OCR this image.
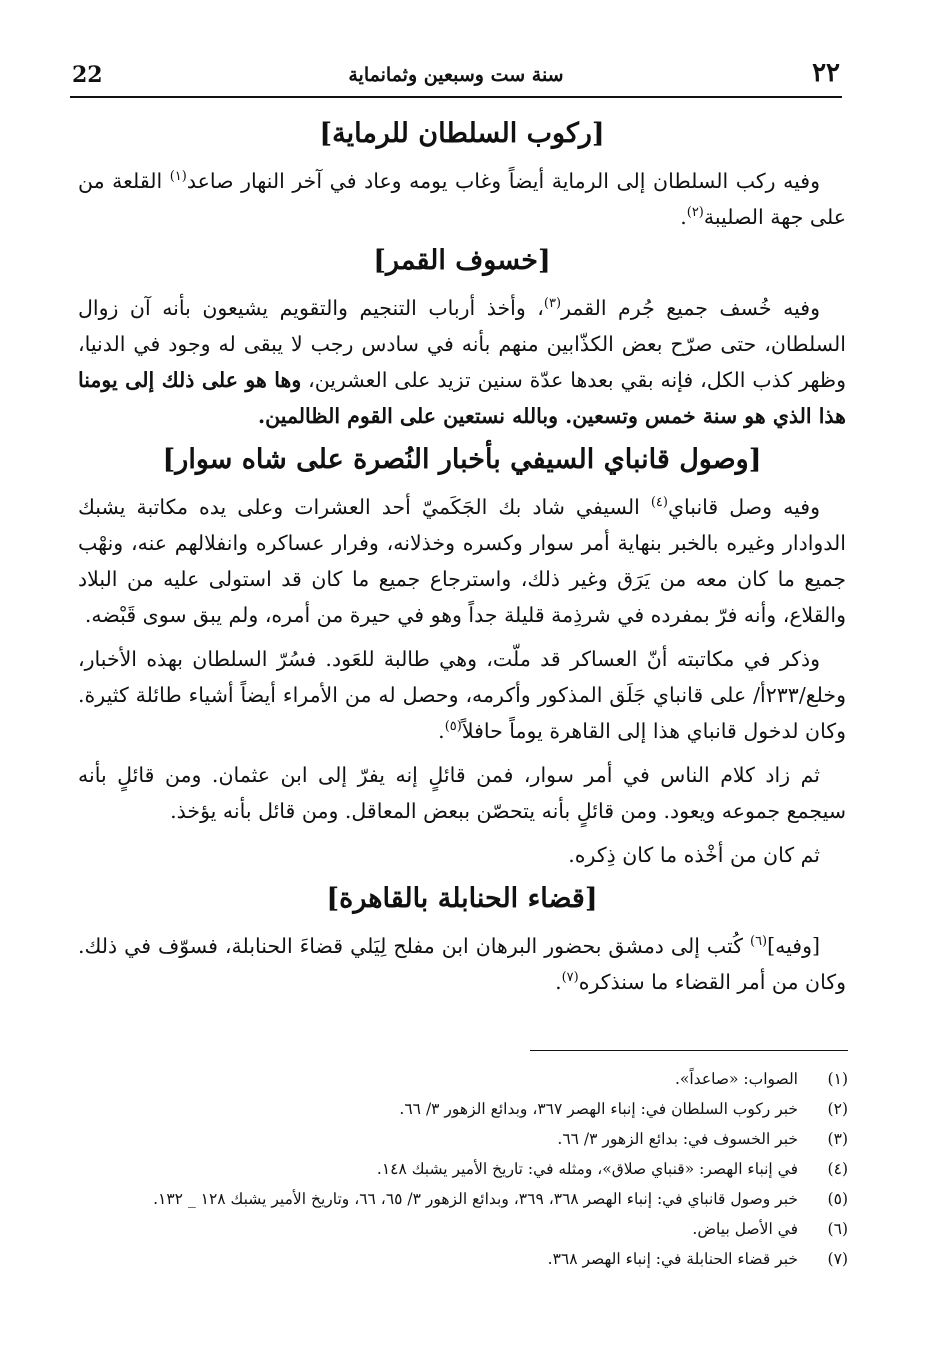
22	سنة ست وسبعين وثمانماية	٢٢
[ركوب السلطان للرماية]

وفيه ركب السلطان إلى الرماية أيضاً وغاب يومه وعاد في آخر النهار صاعد$^{(١)}$ القلعة من على جهة الصليبة$^{(٢)}$.

[خسوف القمر]

وفيه خُسف جميع جُرم القمر$^{(٣)}$، وأخذ أرباب التنجيم والتقويم يشيعون بأنه آن زوال السلطان، حتى صرّح بعض الكذّابين منهم بأنه في سادس رجب لا يبقى له وجود في الدنيا، وظهر كذب الكل، فإنه بقي بعدها عدّة سنين تزيد على العشرين، وها هو على ذلك إلى يومنا هذا الذي هو سنة خمس وتسعين. وبالله نستعين على القوم الظالمين.

[وصول قانباي السيفي بأخبار النُصرة على شاه سوار]

وفيه وصل قانباي$^{(٤)}$ السيفي شاد بك الجَكَميّ أحد العشرات وعلى يده مكاتبة يشبك الدوادار وغيره بالخبر بنهاية أمر سوار وكسره وخذلانه، وفرار عساكره وانفلالهم عنه، ونهْب جميع ما كان معه من يَرَق وغير ذلك، واسترجاع جميع ما كان قد استولى عليه من البلاد والقلاع، وأنه فرّ بمفرده في شرذِمة قليلة جداً وهو في حيرة من أمره، ولم يبق سوى قَبْضه.

وذكر في مكاتبته أنّ العساكر قد ملّت، وهي طالبة للعَود. فسُرّ السلطان بهذه الأخبار، وخلع/٢٣٣أ/ على قانباي جَلَق المذكور وأكرمه، وحصل له من الأمراء أيضاً أشياء طائلة كثيرة. وكان لدخول قانباي هذا إلى القاهرة يوماً حافلاً$^{(٥)}$.

ثم زاد كلام الناس في أمر سوار، فمن قائلٍ إنه يفرّ إلى ابن عثمان. ومن قائلٍ بأنه سيجمع جموعه ويعود. ومن قائلٍ بأنه يتحصّن ببعض المعاقل. ومن قائل بأنه يؤخذ.

ثم كان من أخْذه ما كان ذِكره.

[قضاء الحنابلة بالقاهرة]

[وفيه]$^{(٦)}$ كُتب إلى دمشق بحضور البرهان ابن مفلح لِيَلي قضاءَ الحنابلة، فسوّف في ذلك. وكان من أمر القضاء ما سنذكره$^{(٧)}$.

(١)
الصواب: «صاعداً».
(٢)
خبر ركوب السلطان في: إنباء الهصر ٣٦٧، وبدائع الزهور ٣/ ٦٦.
(٣)
خبر الخسوف في: بدائع الزهور ٣/ ٦٦.
(٤)
في إنباء الهصر: «قنباي صلاق»، ومثله في: تاريخ الأمير يشبك ١٤٨.
(٥)
خبر وصول قانباي في: إنباء الهصر ٣٦٨، ٣٦٩، وبدائع الزهور ٣/ ٦٥، ٦٦، وتاريخ الأمير يشبك ١٢٨ _ ١٣٢.
(٦)
في الأصل بياض.
(٧)
خبر قضاء الحنابلة في: إنباء الهصر ٣٦٨.
